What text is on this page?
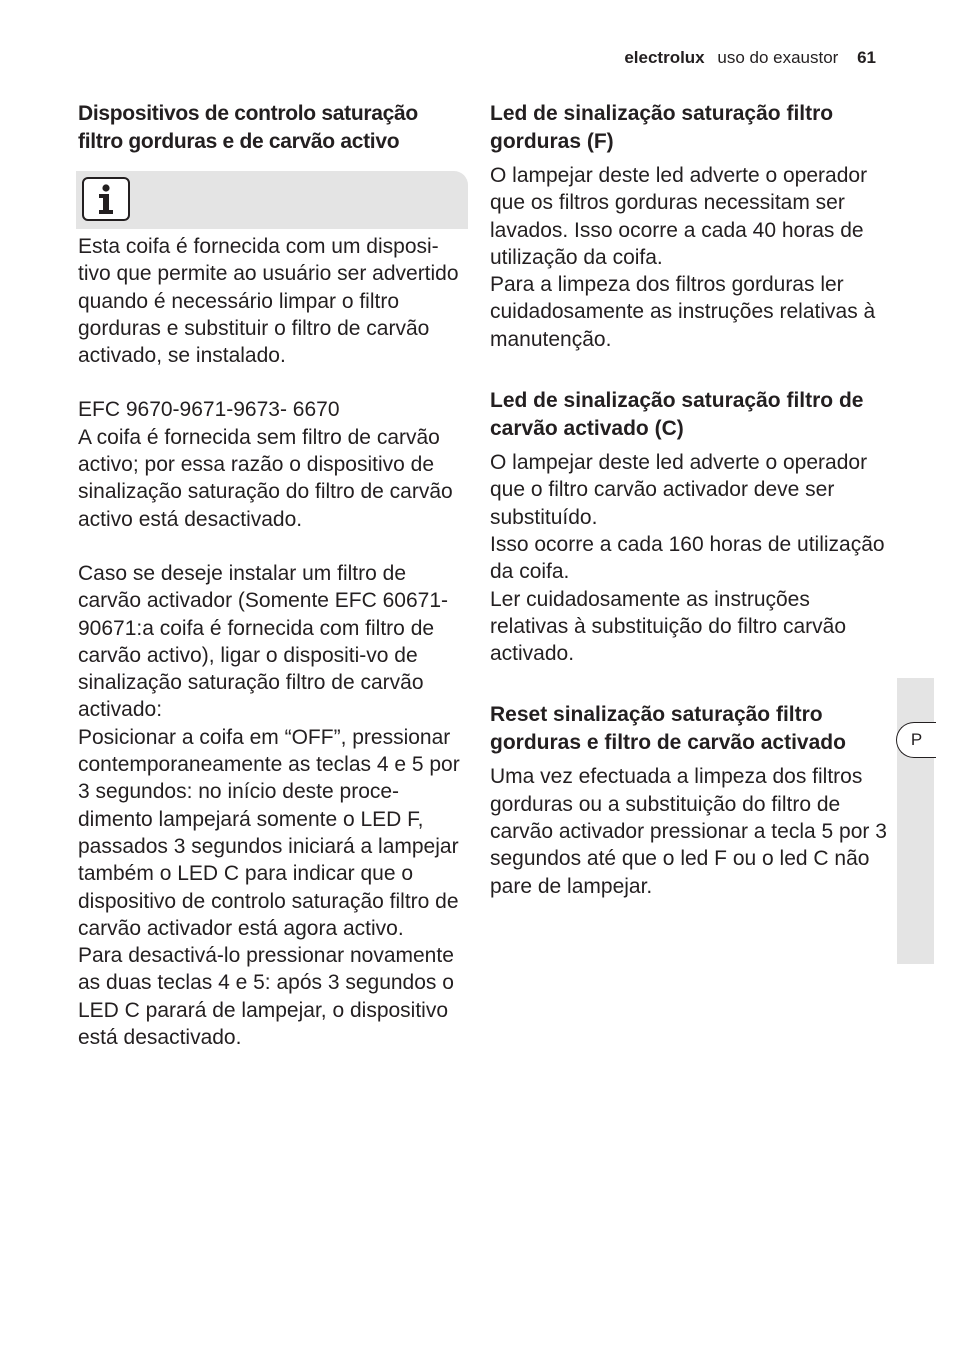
electrolux uso do exaustor 61
Dispositivos de controlo saturação filtro gorduras e de carvão activo

Esta coifa é fornecida com um disposi-tivo que permite ao usuário ser advertido quando é necessário limpar o filtro gorduras e substituir o filtro de carvão activado, se instalado.

EFC 9670-9671-9673- 6670

A coifa é fornecida sem filtro de carvão activo; por essa razão o dispositivo de sinalização saturação do filtro de carvão activo está desactivado.

Caso se deseje instalar um filtro de carvão activador (Somente EFC 60671-90671:a coifa é fornecida com filtro de carvão activo), ligar o dispositi-vo de sinalização saturação filtro de carvão activado:

Posicionar a coifa em “OFF”, pressionar contemporaneamente as teclas 4 e 5 por 3 segundos: no início deste proce-dimento lampejará somente o LED F, passados 3 segundos iniciará a lampejar também o LED C para indicar que o dispositivo de controlo saturação filtro de carvão activador está agora activo.

Para desactivá-lo pressionar novamente as duas teclas 4 e 5: após 3 segundos o LED C parará de lampejar, o dispositivo está desactivado.

Led de sinalização saturação filtro gorduras (F)

O lampejar deste led adverte o operador que os filtros gorduras necessitam ser lavados. Isso ocorre a cada 40 horas de utilização da coifa.

Para a limpeza dos filtros gorduras ler cuidadosamente as instruções relativas à manutenção.

Led de sinalização saturação filtro de carvão activado (C)

O lampejar deste led adverte o operador que o filtro carvão activador deve ser substituído.

Isso ocorre a cada 160 horas de utilização da coifa.

Ler cuidadosamente as instruções relativas à substituição do filtro carvão activado.

Reset sinalização saturação filtro gorduras e filtro de carvão activado

Uma vez efectuada a limpeza dos filtros gorduras ou a substituição do filtro de carvão activador pressionar a tecla 5 por 3 segundos até que o led F ou o led C não pare de lampejar.

P
